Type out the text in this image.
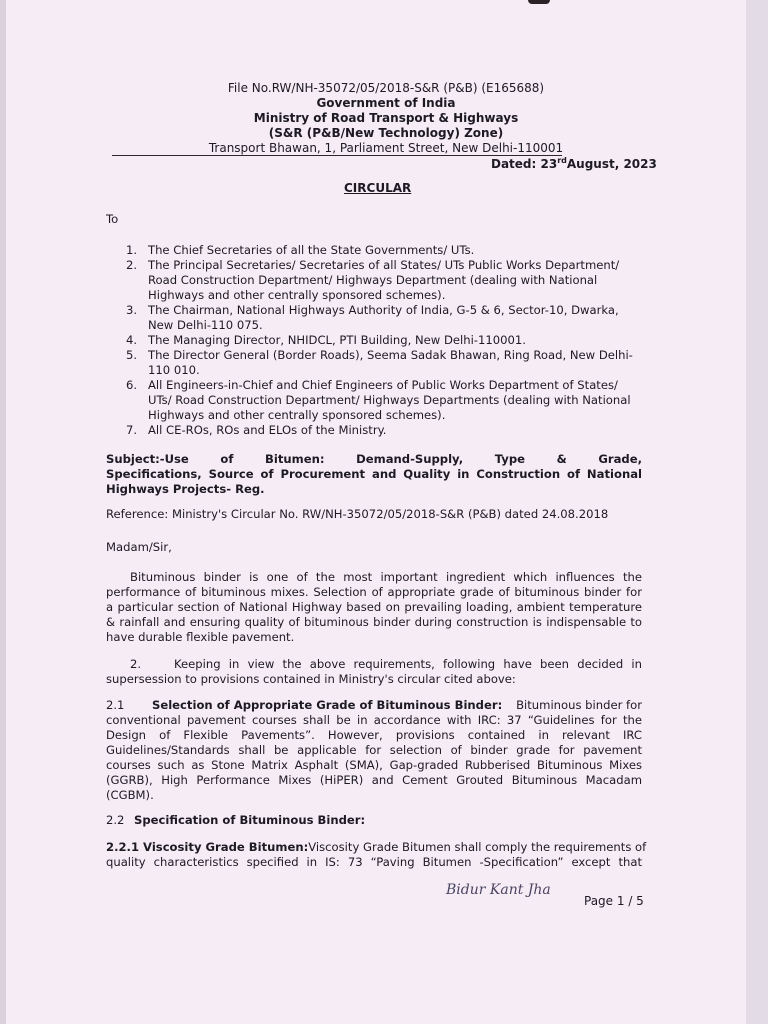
File No.RW/NH-35072/05/2018-S&R (P&B) (E165688)
Government of India
Ministry of Road Transport & Highways
(S&R (P&B/New Technology) Zone)
Transport Bhawan, 1, Parliament Street, New Delhi-110001
Dated: 23rdAugust, 2023
CIRCULAR
To
1. The Chief Secretaries of all the State Governments/ UTs.
2. The Principal Secretaries/ Secretaries of all States/ UTs Public Works Department/
Road Construction Department/ Highways Department (dealing with National
Highways and other centrally sponsored schemes).
3. The Chairman, National Highways Authority of India, G-5 & 6, Sector-10, Dwarka,
New Delhi-110 075.
4. The Managing Director, NHIDCL, PTI Building, New Delhi-110001.
5. The Director General (Border Roads), Seema Sadak Bhawan, Ring Road, New Delhi-
110 010.
6. All Engineers-in-Chief and Chief Engineers of Public Works Department of States/
UTs/ Road Construction Department/ Highways Departments (dealing with National
Highways and other centrally sponsored schemes).
7. All CE-ROs, ROs and ELOs of the Ministry.
Subject:-Use of Bitumen: Demand-Supply, Type & Grade,
Specifications, Source of Procurement and Quality in Construction of National
Highways Projects- Reg.
Reference: Ministry's Circular No. RW/NH-35072/05/2018-S&R (P&B) dated 24.08.2018
Madam/Sir,
Bituminous binder is one of the most important ingredient which influences the
performance of bituminous mixes. Selection of appropriate grade of bituminous binder for
a particular section of National Highway based on prevailing loading, ambient temperature
& rainfall and ensuring quality of bituminous binder during construction is indispensable to
have durable flexible pavement.
2.	Keeping in view the above requirements, following have been decided in
supersession to provisions contained in Ministry's circular cited above:
2.1 Selection of Appropriate Grade of Bituminous Binder: Bituminous binder for
conventional pavement courses shall be in accordance with IRC: 37 “Guidelines for the
Design of Flexible Pavements”. However, provisions contained in relevant IRC
Guidelines/Standards shall be applicable for selection of binder grade for pavement
courses such as Stone Matrix Asphalt (SMA), Gap-graded Rubberised Bituminous Mixes
(GGRB), High Performance Mixes (HiPER) and Cement Grouted Bituminous Macadam
(CGBM).
2.2 Specification of Bituminous Binder:
2.2.1 Viscosity Grade Bitumen: Viscosity Grade Bitumen shall comply the requirements of
quality characteristics specified in IS: 73 “Paving Bitumen -Specification” except that
Bidur Kant Jha
Page 1 / 5
